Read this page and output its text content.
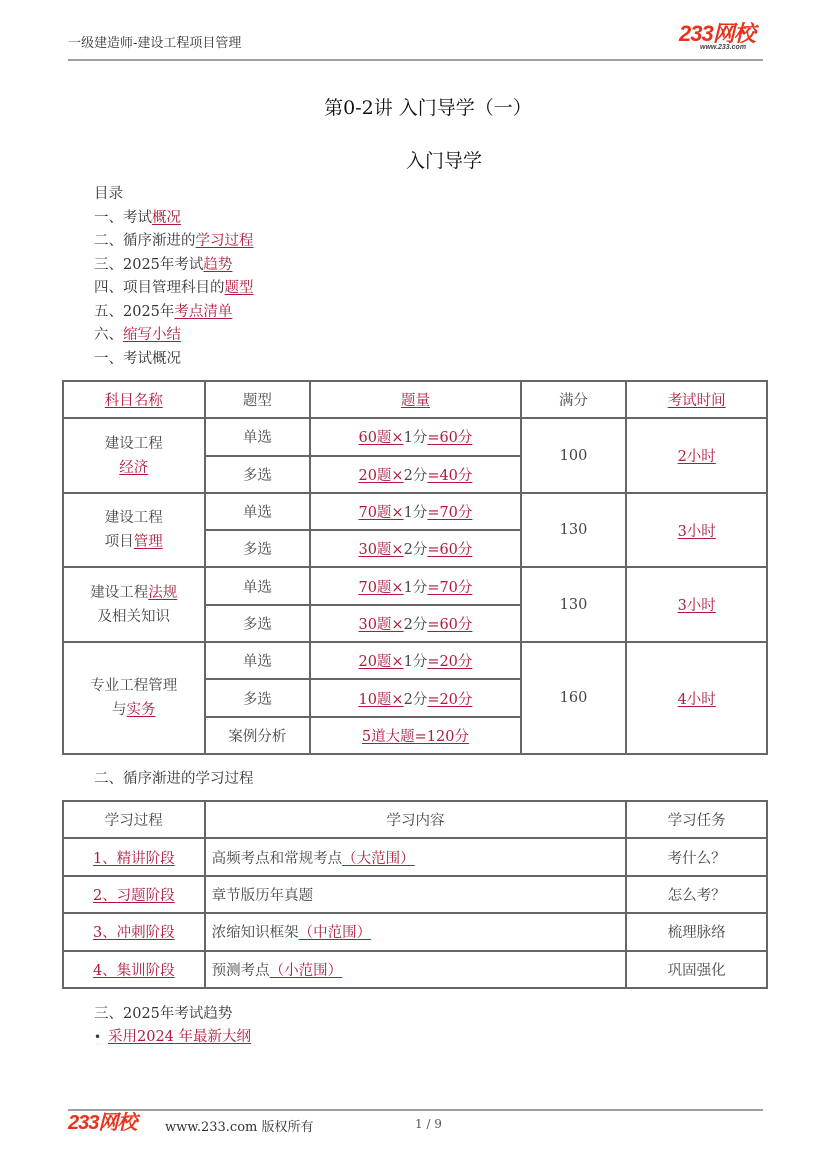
一级建造师-建设工程项目管理	233网校
www.233.com
第0-2讲 入门导学（一）
入门导学
目录
一、考试概况
二、循序渐进的学习过程
三、2025年考试趋势
四、项目管理科目的题型
五、2025年考点清单
六、缩写小结
一、考试概况
科目名称	题型	题量	满分	考试时间
建设工程
经济	单选	60题×1分=60分	100	2小时
	多选	20题×2分=40分		
建设工程
项目管理	单选	70题×1分=70分	130	3小时
	多选	30题×2分=60分		
建设工程法规
及相关知识	单选	70题×1分=70分	130	3小时
	多选	30题×2分=60分		
专业工程管理
与实务	单选	20题×1分=20分	160	4小时
	多选	10题×2分=20分		
	案例分析	5道大题=120分		
二、循序渐进的学习过程
学习过程	学习内容	学习任务
1、精讲阶段	高频考点和常规考点（大范围）	考什么？
2、习题阶段	章节版历年真题	怎么考？
3、冲刺阶段	浓缩知识框架（中范围）	梳理脉络
4、集训阶段	预测考点（小范围）	巩固强化
三、2025年考试趋势
• 采用2024 年最新大纲
233网校 www.233.com 版权所有	1 / 9
